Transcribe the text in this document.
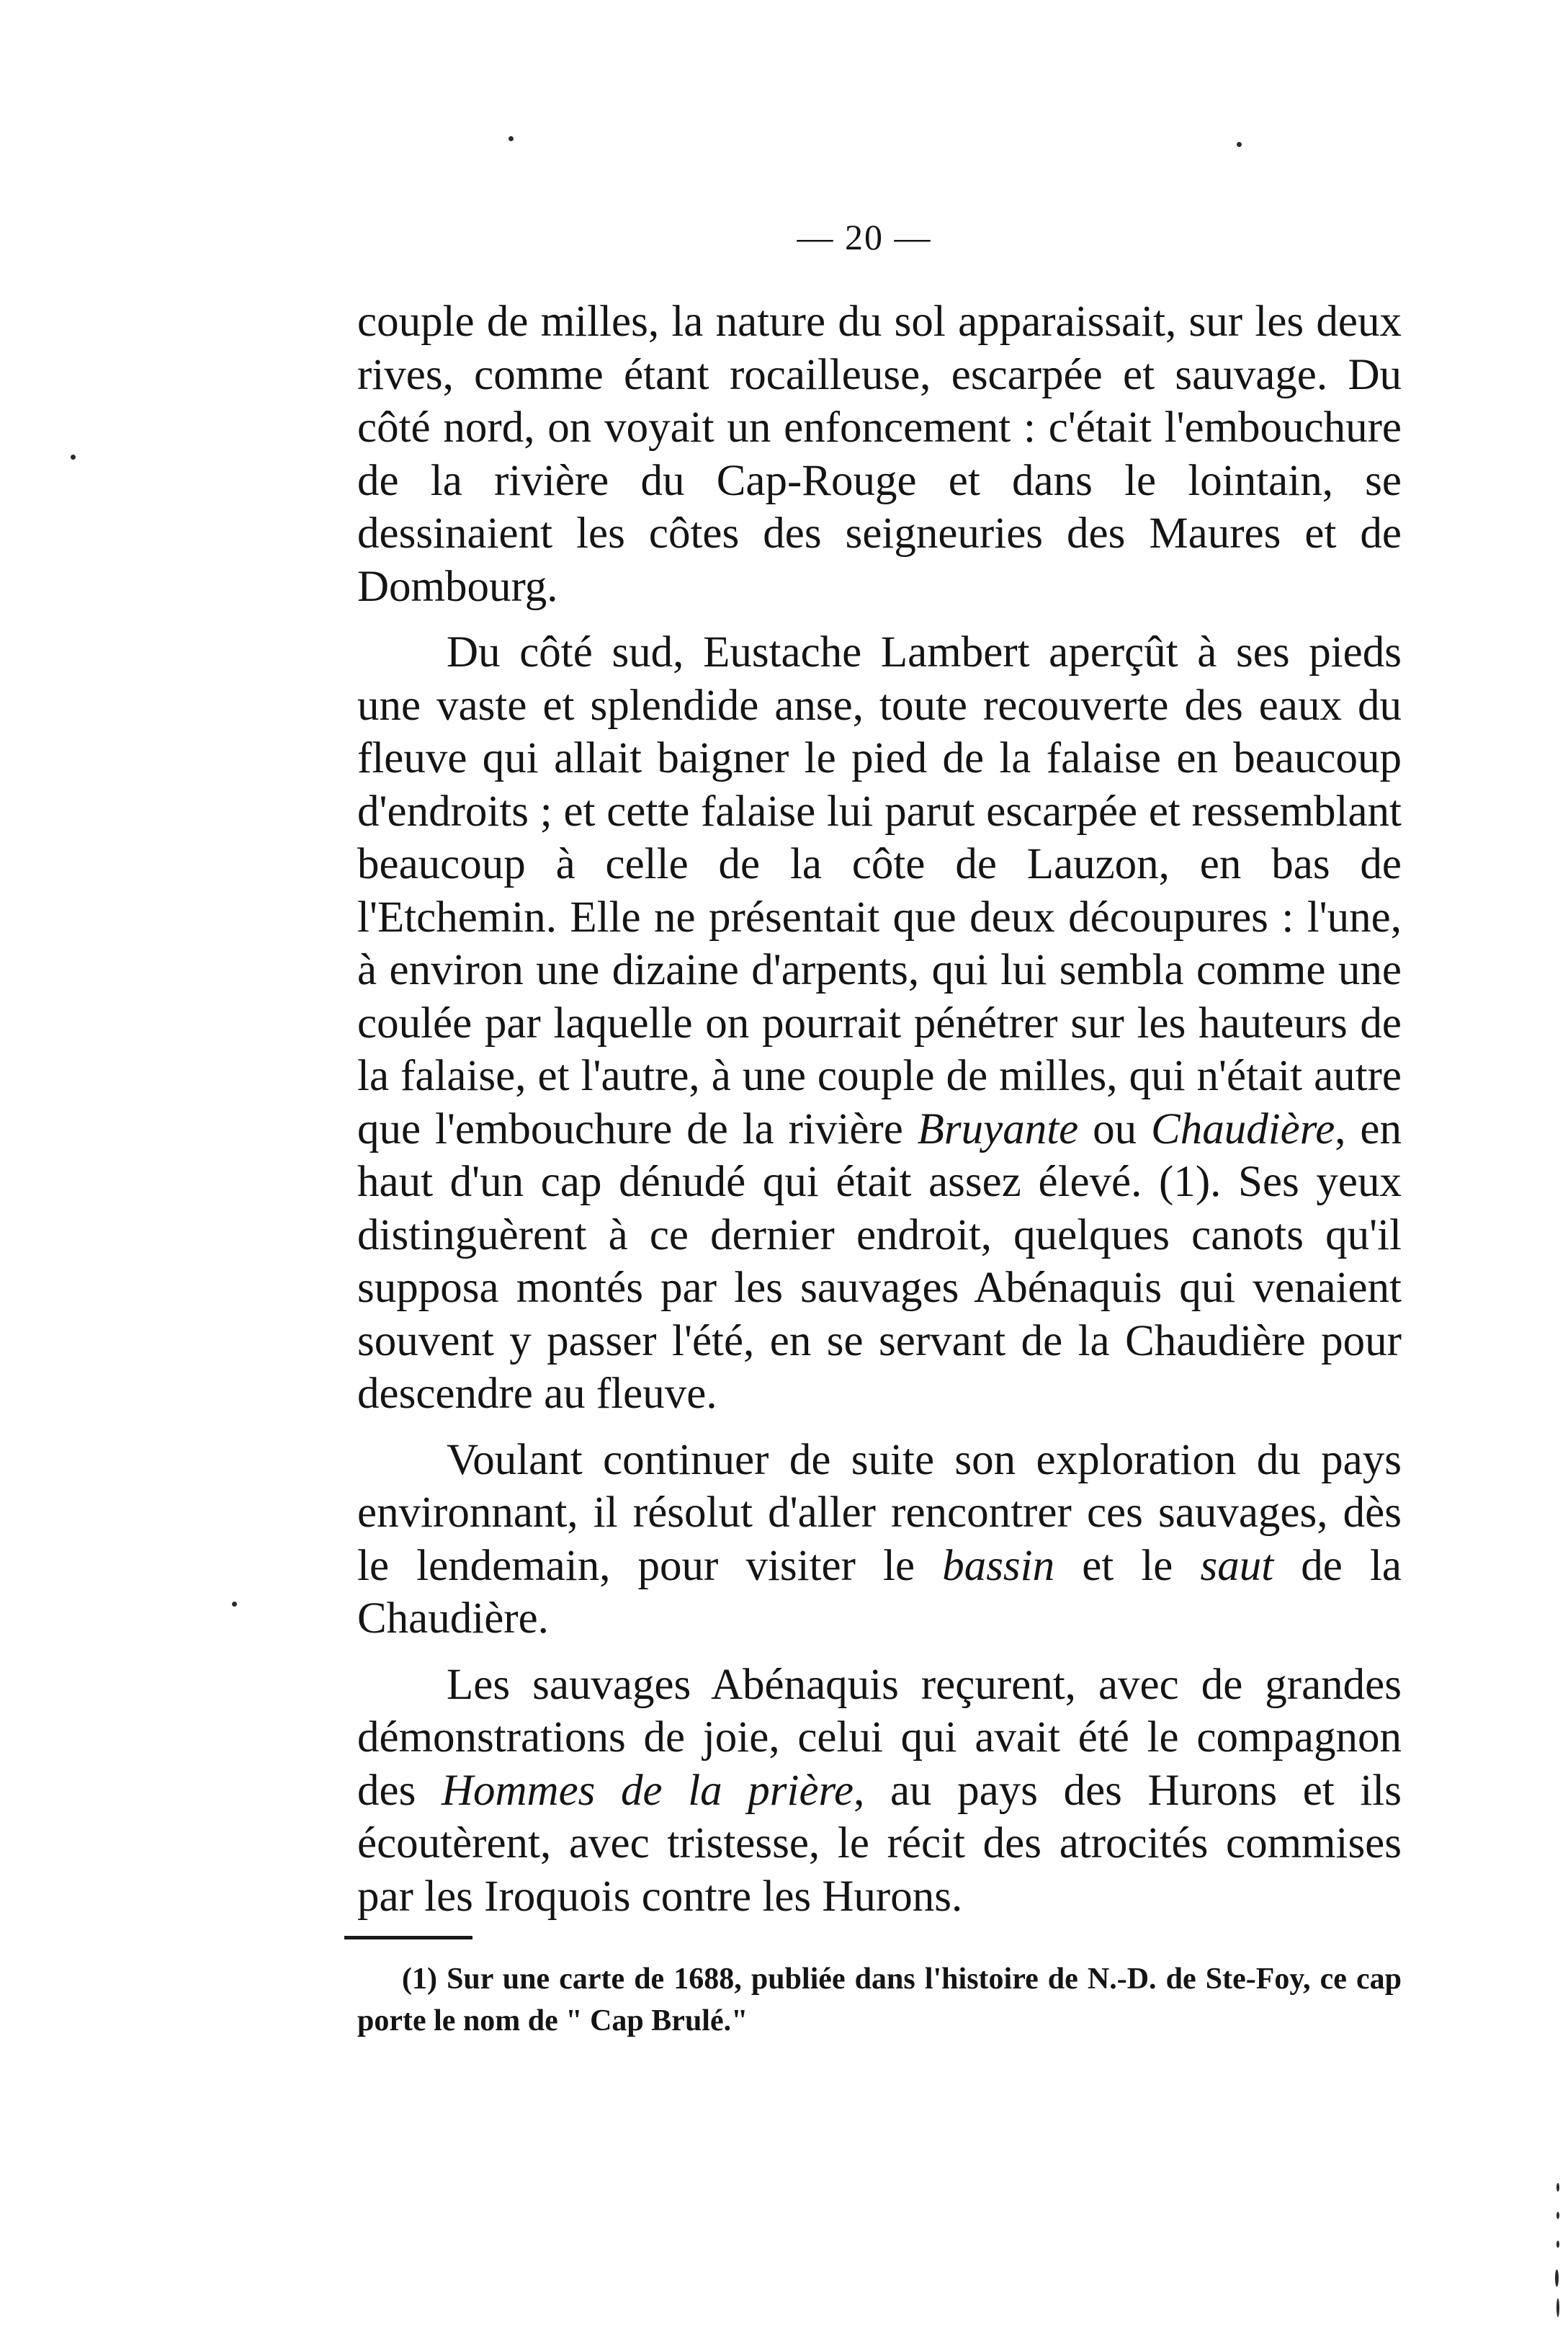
— 20 —

couple de milles, la nature du sol apparaissait, sur les deux rives, comme étant rocailleuse, escarpée et sauvage. Du côté nord, on voyait un enfoncement : c'était l'embouchure de la rivière du Cap-Rouge et dans le lointain, se dessinaient les côtes des seigneuries des Maures et de Dombourg.

Du côté sud, Eustache Lambert aperçût à ses pieds une vaste et splendide anse, toute recouverte des eaux du fleuve qui allait baigner le pied de la falaise en beaucoup d'endroits ; et cette falaise lui parut escarpée et ressemblant beaucoup à celle de la côte de Lauzon, en bas de l'Etchemin. Elle ne présentait que deux découpures : l'une, à environ une dizaine d'arpents, qui lui sembla comme une coulée par laquelle on pourrait pénétrer sur les hauteurs de la falaise, et l'autre, à une couple de milles, qui n'était autre que l'embouchure de la rivière Bruyante ou Chaudière, en haut d'un cap dénudé qui était assez élevé. (1). Ses yeux distinguèrent à ce dernier endroit, quelques canots qu'il supposa montés par les sauvages Abénaquis qui venaient souvent y passer l'été, en se servant de la Chaudière pour descendre au fleuve.

Voulant continuer de suite son exploration du pays environnant, il résolut d'aller rencontrer ces sauvages, dès le lendemain, pour visiter le bassin et le saut de la Chaudière.

Les sauvages Abénaquis reçurent, avec de grandes démonstrations de joie, celui qui avait été le compagnon des Hommes de la prière, au pays des Hurons et ils écoutèrent, avec tristesse, le récit des atrocités commises par les Iroquois contre les Hurons.

(1) Sur une carte de 1688, publiée dans l'histoire de N.-D. de Ste-Foy, ce cap porte le nom de " Cap Brulé."
